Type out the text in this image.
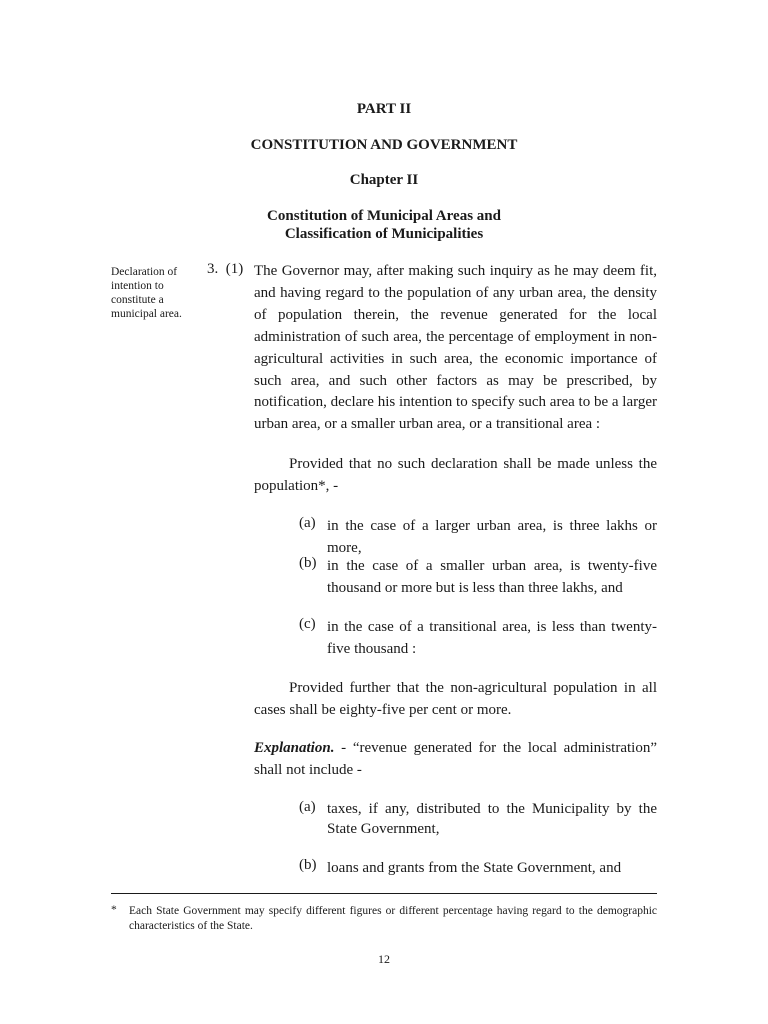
PART II
CONSTITUTION AND GOVERNMENT
Chapter II
Constitution of Municipal Areas and
Classification of Municipalities
Declaration of
intention to
constitute a
municipal area.
3. (1) The Governor may, after making such inquiry as he may deem fit, and having regard to the population of any urban area, the density of population therein, the revenue generated for the local administration of such area, the percentage of employment in non-agricultural activities in such area, the economic importance of such area, and such other factors as may be prescribed, by notification, declare his intention to specify such area to be a larger urban area, or a smaller urban area, or a transitional area :
Provided that no such declaration shall be made unless the population*, -
(a) in the case of a larger urban area, is three lakhs or more,
(b) in the case of a smaller urban area, is twenty-five thousand or more but is less than three lakhs, and
(c) in the case of a transitional area, is less than twenty-five thousand :
Provided further that the non-agricultural population in all cases shall be eighty-five per cent or more.
Explanation. - “revenue generated for the local administration” shall not include -
(a) taxes, if any, distributed to the Municipality by the State Government,
(b) loans and grants from the State Government, and
* Each State Government may specify different figures or different percentage having regard to the demographic characteristics of the State.
12
